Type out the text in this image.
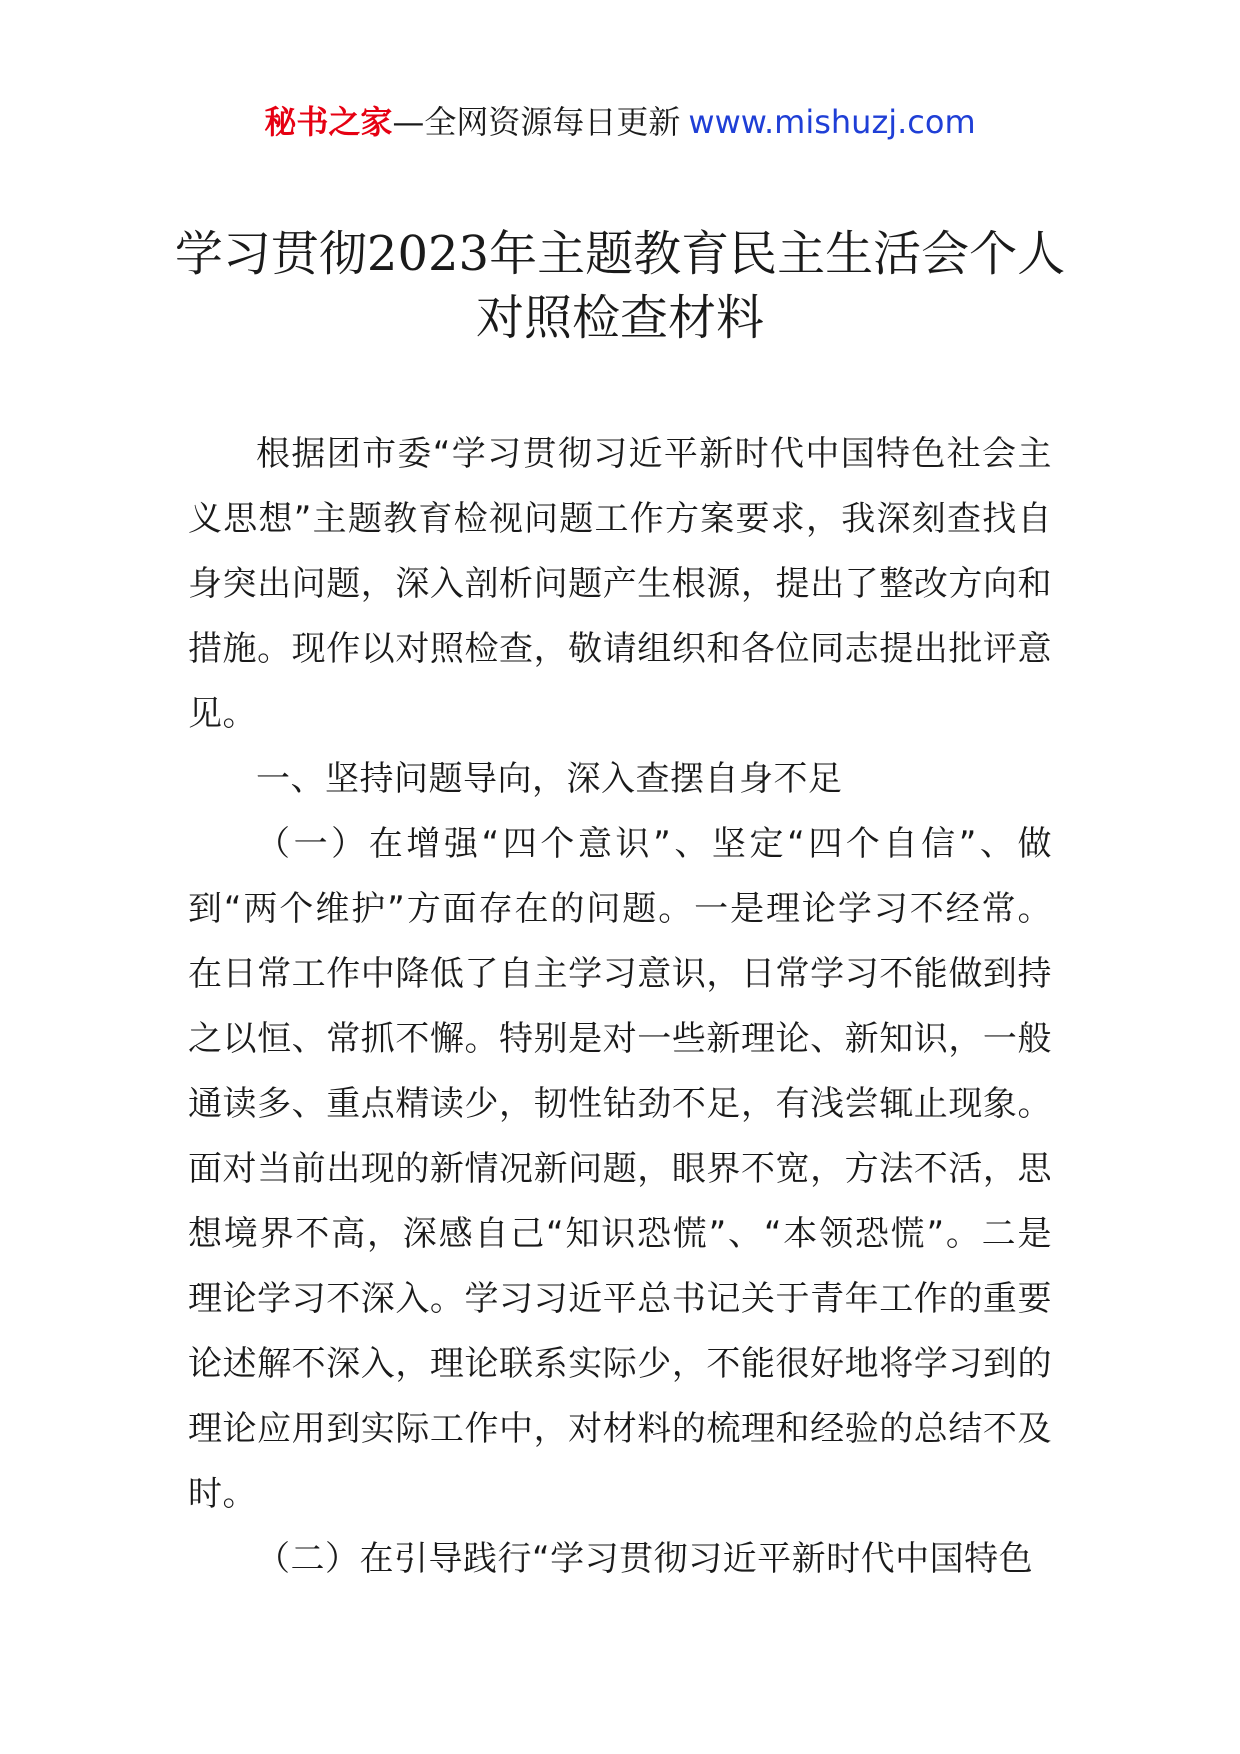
秘书之家—全网资源每日更新 www.mishuzj.com
学习贯彻2023年主题教育民主生活会个人
对照检查材料

根据团市委“学习贯彻习近平新时代中国特色社会主义思想”主题教育检视问题工作方案要求，我深刻查找自身突出问题，深入剖析问题产生根源，提出了整改方向和措施。现作以对照检查，敬请组织和各位同志提出批评意见。

一、坚持问题导向，深入查摆自身不足

（一）在增强“四个意识”、坚定“四个自信”、做到“两个维护”方面存在的问题。一是理论学习不经常。在日常工作中降低了自主学习意识，日常学习不能做到持之以恒、常抓不懈。特别是对一些新理论、新知识，一般通读多、重点精读少，韧性钻劲不足，有浅尝辄止现象。面对当前出现的新情况新问题，眼界不宽，方法不活，思想境界不高，深感自己“知识恐慌”、“本领恐慌”。二是理论学习不深入。学习习近平总书记关于青年工作的重要论述解不深入，理论联系实际少，不能很好地将学习到的理论应用到实际工作中，对材料的梳理和经验的总结不及时。

（二）在引导践行“学习贯彻习近平新时代中国特色
